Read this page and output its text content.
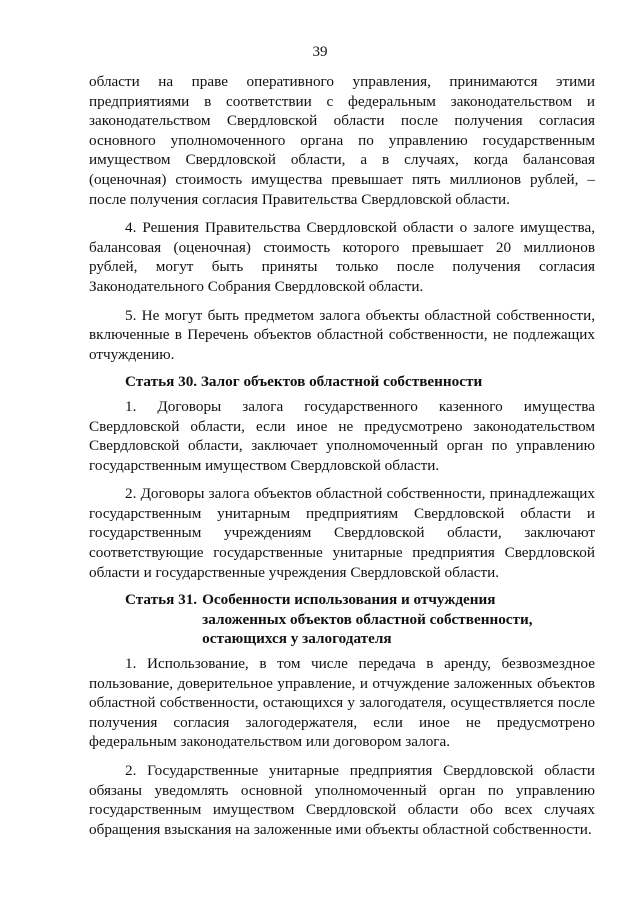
39

области на праве оперативного управления, принимаются этими предприятиями в соответствии с федеральным законодательством и законодательством Свердловской области после получения согласия основного уполномоченного органа по управлению государственным имуществом Свердловской области, а в случаях, когда балансовая (оценочная) стоимость имущества превышает пять миллионов рублей, – после получения согласия Правительства Свердловской области.

4. Решения Правительства Свердловской области о залоге имущества, балансовая (оценочная) стоимость которого превышает 20 миллионов рублей, могут быть приняты только после получения согласия Законодательного Собрания Свердловской области.

5. Не могут быть предметом залога объекты областной собственности, включенные в Перечень объектов областной собственности, не подлежащих отчуждению.

Статья 30. Залог объектов областной собственности

1. Договоры залога государственного казенного имущества Свердловской области, если иное не предусмотрено законодательством Свердловской области, заключает уполномоченный орган по управлению государственным имуществом Свердловской области.

2. Договоры залога объектов областной собственности, принадлежащих государственным унитарным предприятиям Свердловской области и государственным учреждениям Свердловской области, заключают соответствующие государственные унитарные предприятия Свердловской области и государственные учреждения Свердловской области.

Статья 31. Особенности использования и отчуждения
заложенных объектов областной собственности,
остающихся у залогодателя

1. Использование, в том числе передача в аренду, безвозмездное пользование, доверительное управление, и отчуждение заложенных объектов областной собственности, остающихся у залогодателя, осуществляется после получения согласия залогодержателя, если иное не предусмотрено федеральным законодательством или договором залога.

2. Государственные унитарные предприятия Свердловской области обязаны уведомлять основной уполномоченный орган по управлению государственным имуществом Свердловской области обо всех случаях обращения взыскания на заложенные ими объекты областной собственности.
